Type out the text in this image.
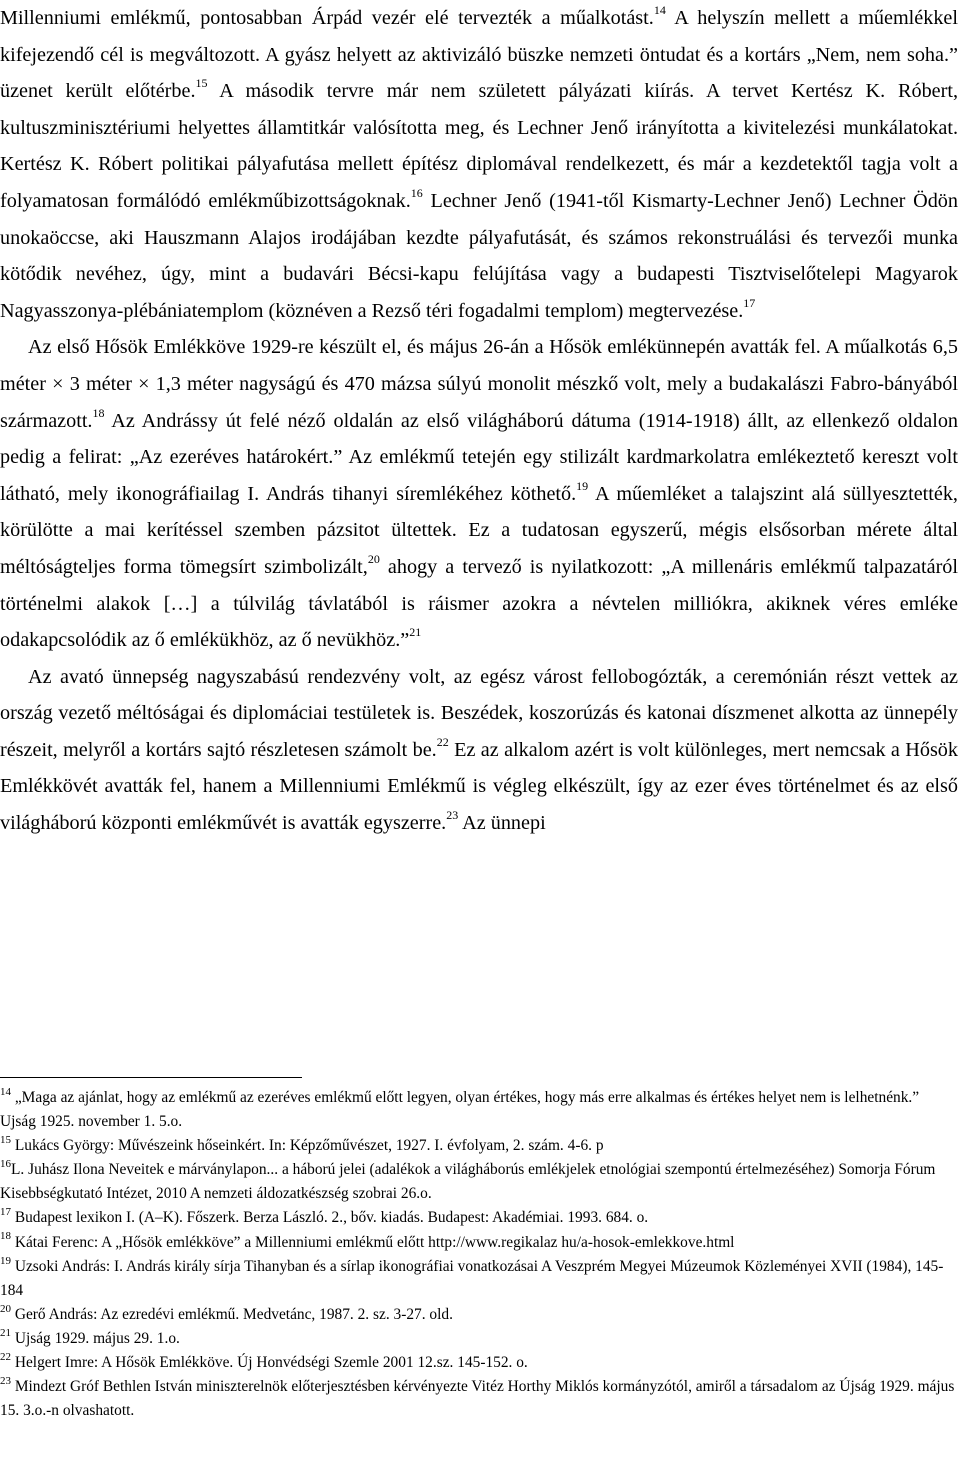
Millenniumi emlékmű, pontosabban Árpád vezér elé tervezték a műalkotást.$^{14}$ A helyszín mellett a műemlékkel kifejezendő cél is megváltozott. A gyász helyett az aktivizáló büszke nemzeti öntudat és a kortárs „Nem, nem soha.” üzenet került előtérbe.$^{15}$ A második tervre már nem született pályázati kiírás. A tervet Kertész K. Róbert, kultuszminisztériumi helyettes államtitkár valósította meg, és Lechner Jenő irányította a kivitelezési munkálatokat. Kertész K. Róbert politikai pályafutása mellett építész diplomával rendelkezett, és már a kezdetektől tagja volt a folyamatosan formálódó emlékműbizottságoknak.$^{16}$ Lechner Jenő (1941-től Kismarty-Lechner Jenő) Lechner Ödön unokaöccse, aki Hauszmann Alajos irodájában kezdte pályafutását, és számos rekonstruálási és tervezői munka kötődik nevéhez, úgy, mint a budavári Bécsi-kapu felújítása vagy a budapesti Tisztviselőtelepi Magyarok Nagyasszonya-plébániatemplom (köznéven a Rezső téri fogadalmi templom) megtervezése.$^{17}$

Az első Hősök Emlékköve 1929-re készült el, és május 26-án a Hősök emlékünnepén avatták fel. A műalkotás 6,5 méter × 3 méter × 1,3 méter nagyságú és 470 mázsa súlyú monolit mészkő volt, mely a budakalászi Fabro-bányából származott.$^{18}$ Az Andrássy út felé néző oldalán az első világháború dátuma (1914-1918) állt, az ellenkező oldalon pedig a felirat: „Az ezeréves határokért.” Az emlékmű tetején egy stilizált kardmarkolatra emlékeztető kereszt volt látható, mely ikonográfiailag I. András tihanyi síremlékéhez köthető.$^{19}$ A műemléket a talajszint alá süllyesztették, körülötte a mai kerítéssel szemben pázsitot ültettek. Ez a tudatosan egyszerű, mégis elsősorban mérete által méltóságteljes forma tömegsírt szimbolizált,$^{20}$ ahogy a tervező is nyilatkozott: „A millenáris emlékmű talpazatáról történelmi alakok […] a túlvilág távlatából is ráismer azokra a névtelen milliókra, akiknek véres emléke odakapcsolódik az ő emlékükhöz, az ő nevükhöz.”$^{21}$

Az avató ünnepség nagyszabású rendezvény volt, az egész várost fellobogózták, a ceremónián részt vettek az ország vezető méltóságai és diplomáciai testületek is. Beszédek, koszorúzás és katonai díszmenet alkotta az ünnepély részeit, melyről a kortárs sajtó részletesen számolt be.$^{22}$ Ez az alkalom azért is volt különleges, mert nemcsak a Hősök Emlékkövét avatták fel, hanem a Millenniumi Emlékmű is végleg elkészült, így az ezer éves történelmet és az első világháború központi emlékművét is avatták egyszerre.$^{23}$ Az ünnepi

$^{14}$ „Maga az ajánlat, hogy az emlékmű az ezeréves emlékmű előtt legyen, olyan értékes, hogy más erre alkalmas és értékes helyet nem is lelhetnénk.” Ujság 1925. november 1. 5.o.
$^{15}$ Lukács György: Művészeink hőseinkért. In: Képzőművészet, 1927. I. évfolyam, 2. szám. 4-6. p
$^{16}$L. Juhász Ilona Neveitek e márványlapon... a háború jelei (adalékok a világháborús emlékjelek etnológiai szempontú értelmezéséhez) Somorja Fórum Kisebbségkutató Intézet, 2010 A nemzeti áldozatkészség szobrai 26.o.
$^{17}$ Budapest lexikon I. (A–K). Főszerk. Berza László. 2., bőv. kiadás. Budapest: Akadémiai. 1993. 684. o.
$^{18}$ Kátai Ferenc: A „Hősök emlékköve” a Millenniumi emlékmű előtt http://www.regikalaz hu/a-hosok-emlekkove.html
$^{19}$ Uzsoki András: I. András király sírja Tihanyban és a sírlap ikonográfiai vonatkozásai A Veszprém Megyei Múzeumok Közleményei XVII (1984), 145-184
$^{20}$ Gerő András: Az ezredévi emlékmű. Medvetánc, 1987. 2. sz. 3-27. old.
$^{21}$ Ujság 1929. május 29. 1.o.
$^{22}$ Helgert Imre: A Hősök Emlékköve. Új Honvédségi Szemle 2001 12.sz. 145-152. o.
$^{23}$ Mindezt Gróf Bethlen István miniszterelnök előterjesztésben kérvényezte Vitéz Horthy Miklós kormányzótól, amiről a társadalom az Újság 1929. május 15. 3.o.-n olvashatott.
